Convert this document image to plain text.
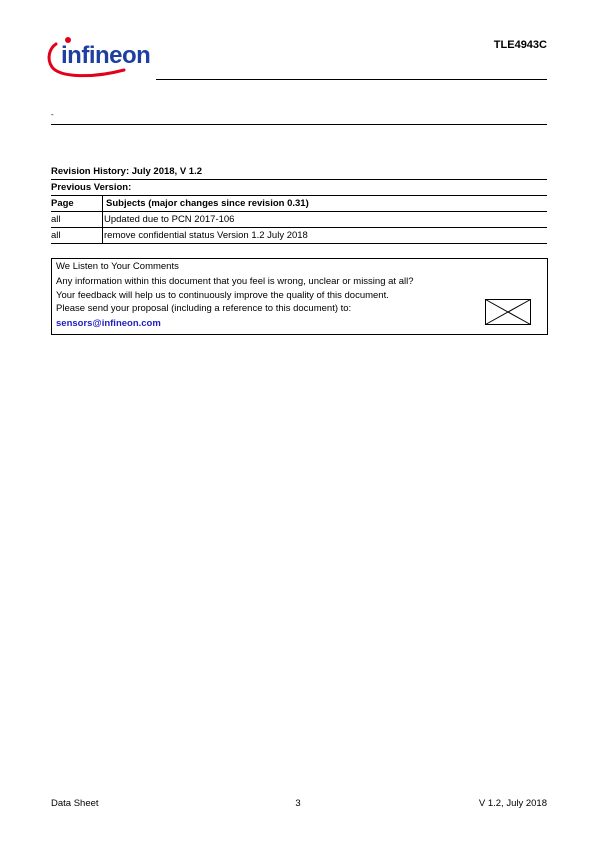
infineon	TLE4943C
-
Revision History: July 2018, V 1.2
Previous Version:	
Page	Subjects (major changes since revision 0.31)
all	Updated due to PCN 2017-106
all	remove confidential status Version 1.2 July 2018
We Listen to Your Comments
Any information within this document that you feel is wrong, unclear or missing at all?
Your feedback will help us to continuously improve the quality of this document.
Please send your proposal (including a reference to this document) to:
sensors@infineon.com
Data Sheet	3	V 1.2, July 2018
